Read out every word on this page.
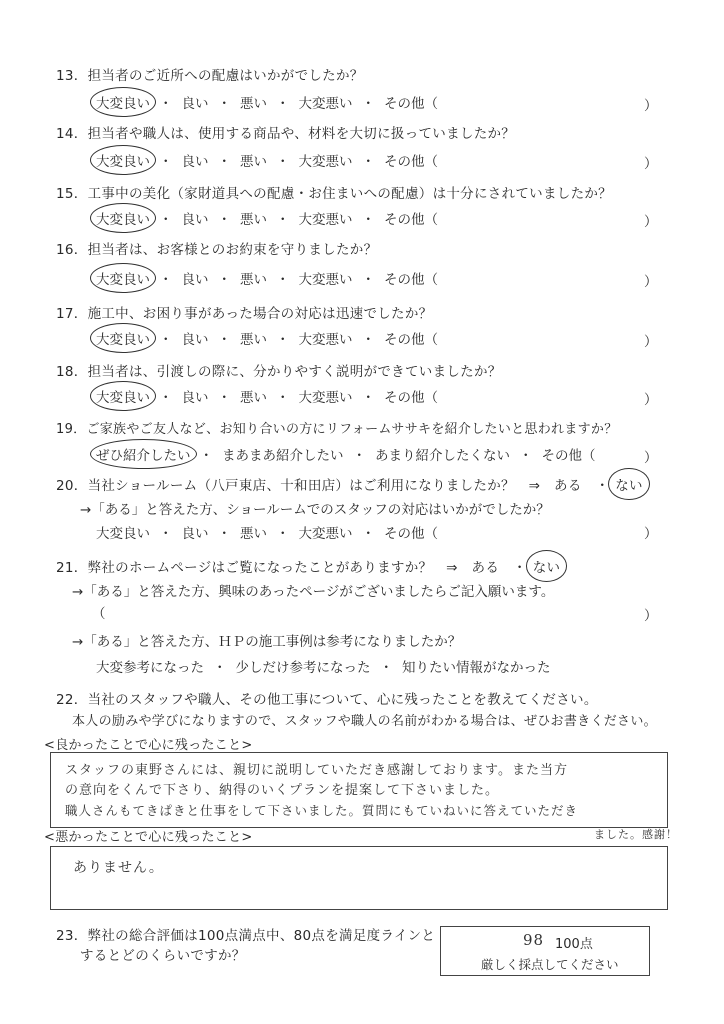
13．担当者のご近所への配慮はいかがでしたか？
大変良い ・ 良い ・ 悪い ・ 大変悪い ・ その他（	）
14．担当者や職人は、使用する商品や、材料を大切に扱っていましたか？
大変良い ・ 良い ・ 悪い ・ 大変悪い ・ その他（	）
15．工事中の美化（家財道具への配慮・お住まいへの配慮）は十分にされていましたか？
大変良い ・ 良い ・ 悪い ・ 大変悪い ・ その他（	）
16．担当者は、お客様とのお約束を守りましたか？
大変良い ・ 良い ・ 悪い ・ 大変悪い ・ その他（	）
17．施工中、お困り事があった場合の対応は迅速でしたか？
大変良い ・ 良い ・ 悪い ・ 大変悪い ・ その他（	）
18．担当者は、引渡しの際に、分かりやすく説明ができていましたか？
大変良い ・ 良い ・ 悪い ・ 大変悪い ・ その他（	）
19．ご家族やご友人など、お知り合いの方にリフォームササキを紹介したいと思われますか？
ぜひ紹介したい ・ まあまあ紹介したい ・ あまり紹介したくない ・ その他（	）
20．当社ショールーム（八戸東店、十和田店）はご利用になりましたか？　⇒　ある　・ ない
→「ある」と答えた方、ショールームでのスタッフの対応はいかがでしたか？
大変良い ・ 良い ・ 悪い ・ 大変悪い ・ その他（	）
21．弊社のホームページはご覧になったことがありますか？　⇒　ある　・ ない
→「ある」と答えた方、興味のあったページがございましたらご記入願います。
（	）
→「ある」と答えた方、ＨＰの施工事例は参考になりましたか？
大変参考になった ・ 少しだけ参考になった ・ 知りたい情報がなかった
22．当社のスタッフや職人、その他工事について、心に残ったことを教えてください。
本人の励みや学びになりますので、スタッフや職人の名前がわかる場合は、ぜひお書きください。
<良かったことで心に残ったこと>
スタッフの東野さんには、親切に説明していただき感謝しております。また当方
の意向をくんで下さり、納得のいくプランを提案して下さいました。
職人さんもてきぱきと仕事をして下さいました。質問にもていねいに答えていただき
ました。感謝！
<悪かったことで心に残ったこと>
ありません。
23．弊社の総合評価は100点満点中、80点を満足度ラインと
するとどのくらいですか？
98 100点
厳しく採点してください
